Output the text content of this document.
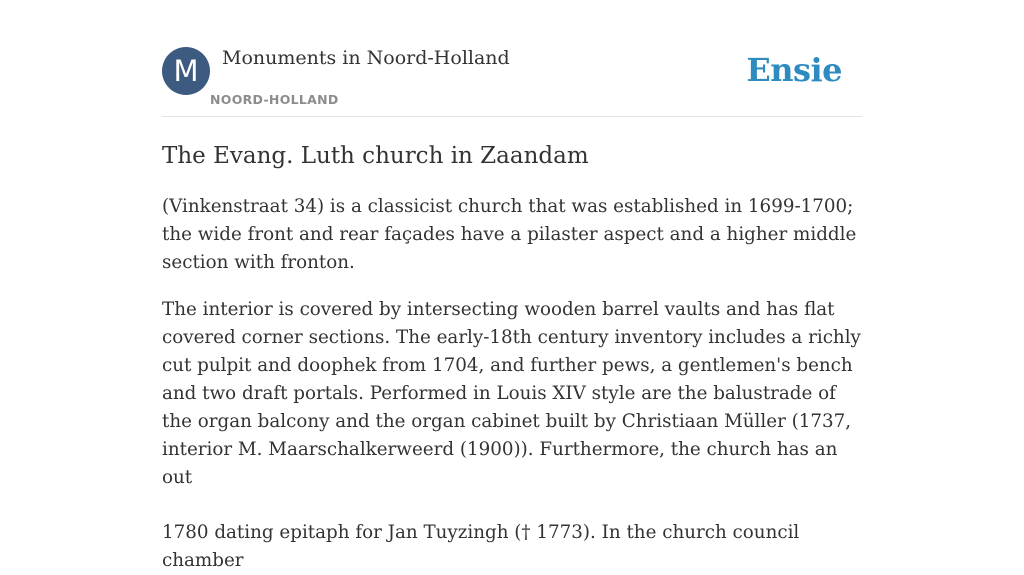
M	Monuments in Noord-Holland
NOORD-HOLLAND
Ensie
The Evang. Luth church in Zaandam

(Vinkenstraat 34) is a classicist church that was established in 1699-1700; the wide front and rear façades have a pilaster aspect and a higher middle section with fronton.

The interior is covered by intersecting wooden barrel vaults and has flat covered corner sections. The early-18th century inventory includes a richly cut pulpit and doophek from 1704, and further pews, a gentlemen's bench and two draft portals. Performed in Louis XIV style are the balustrade of the organ balcony and the organ cabinet built by Christiaan Müller (1737, interior M. Maarschalkerweerd (1900)). Furthermore, the church has an out

1780 dating epitaph for Jan Tuyzingh († 1773). In the church council chamber
